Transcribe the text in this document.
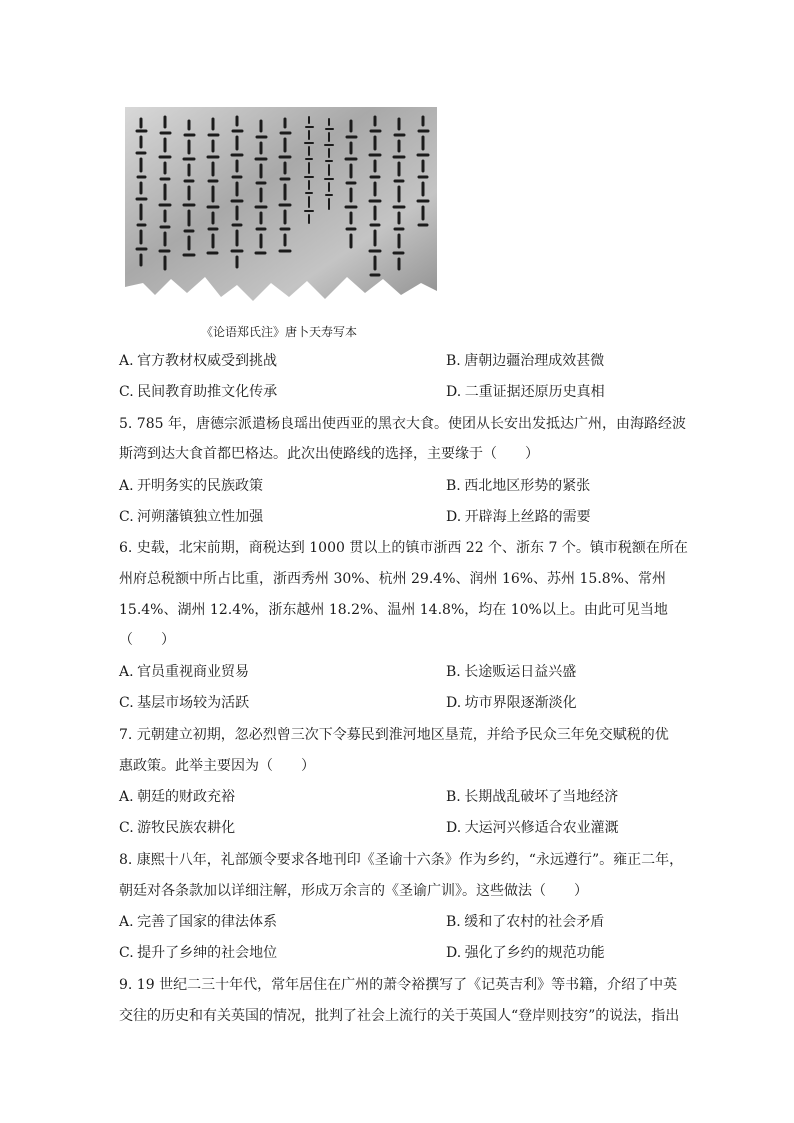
《论语郑氏注》唐卜天寿写本
A.  官方教材权威受到挑战	B.  唐朝边疆治理成效甚微
C.  民间教育助推文化传承	D.  二重证据还原历史真相
5. 785 年，唐德宗派遣杨良瑶出使西亚的黑衣大食。使团从长安出发抵达广州，由海路经波
斯湾到达大食首都巴格达。此次出使路线的选择，主要缘于（　　）
A.  开明务实的民族政策	B.  西北地区形势的紧张
C.  河朔藩镇独立性加强	D.  开辟海上丝路的需要
6. 史载，北宋前期，商税达到 1000 贯以上的镇市浙西 22 个、浙东 7 个。镇市税额在所在
州府总税额中所占比重，浙西秀州 30%、杭州 29.4%、润州 16%、苏州 15.8%、常州
15.4%、湖州 12.4%，浙东越州 18.2%、温州 14.8%，均在 10%以上。由此可见当地
（　　）
A.  官员重视商业贸易	B.  长途贩运日益兴盛
C.  基层市场较为活跃	D.  坊市界限逐渐淡化
7. 元朝建立初期，忽必烈曾三次下令募民到淮河地区垦荒，并给予民众三年免交赋税的优
惠政策。此举主要因为（　　）
A.  朝廷的财政充裕	B.  长期战乱破坏了当地经济
C.  游牧民族农耕化	D.  大运河兴修适合农业灌溉
8. 康熙十八年，礼部颁令要求各地刊印《圣谕十六条》作为乡约，“永远遵行”。雍正二年，
朝廷对各条款加以详细注解，形成万余言的《圣谕广训》。这些做法（　　）
A.  完善了国家的律法体系	B.  缓和了农村的社会矛盾
C.  提升了乡绅的社会地位	D.  强化了乡约的规范功能
9. 19 世纪二三十年代，常年居住在广州的萧令裕撰写了《记英吉利》等书籍，介绍了中英
交往的历史和有关英国的情况，批判了社会上流行的关于英国人“登岸则技穷”的说法，指出
